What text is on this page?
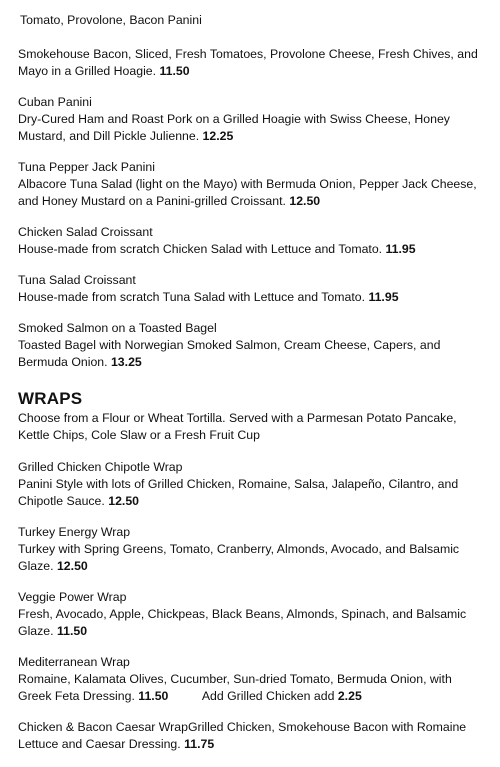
Tomato, Provolone, Bacon Panini
Smokehouse Bacon, Sliced, Fresh Tomatoes, Provolone Cheese, Fresh Chives, and Mayo in a Grilled Hoagie. 11.50
Cuban Panini
Dry-Cured Ham and Roast Pork on a Grilled Hoagie with Swiss Cheese, Honey Mustard, and Dill Pickle Julienne. 12.25
Tuna Pepper Jack Panini
Albacore Tuna Salad (light on the Mayo) with Bermuda Onion, Pepper Jack Cheese, and Honey Mustard on a Panini-grilled Croissant. 12.50
Chicken Salad Croissant
House-made from scratch Chicken Salad with Lettuce and Tomato. 11.95
Tuna Salad Croissant
House-made from scratch Tuna Salad with Lettuce and Tomato. 11.95
Smoked Salmon on a Toasted Bagel
Toasted Bagel with Norwegian Smoked Salmon, Cream Cheese, Capers, and Bermuda Onion. 13.25
WRAPS
Choose from a Flour or Wheat Tortilla. Served with a Parmesan Potato Pancake, Kettle Chips, Cole Slaw or a Fresh Fruit Cup
Grilled Chicken Chipotle Wrap
Panini Style with lots of Grilled Chicken, Romaine, Salsa, Jalapeño, Cilantro, and Chipotle Sauce. 12.50
Turkey Energy Wrap
Turkey with Spring Greens, Tomato, Cranberry, Almonds, Avocado, and Balsamic Glaze. 12.50
Veggie Power Wrap
Fresh, Avocado, Apple, Chickpeas, Black Beans, Almonds, Spinach, and Balsamic Glaze. 11.50
Mediterranean Wrap
Romaine, Kalamata Olives, Cucumber, Sun-dried Tomato, Bermuda Onion, with Greek Feta Dressing. 11.50	Add Grilled Chicken add 2.25
Chicken & Bacon Caesar WrapGrilled Chicken, Smokehouse Bacon with Romaine Lettuce and Caesar Dressing. 11.75
